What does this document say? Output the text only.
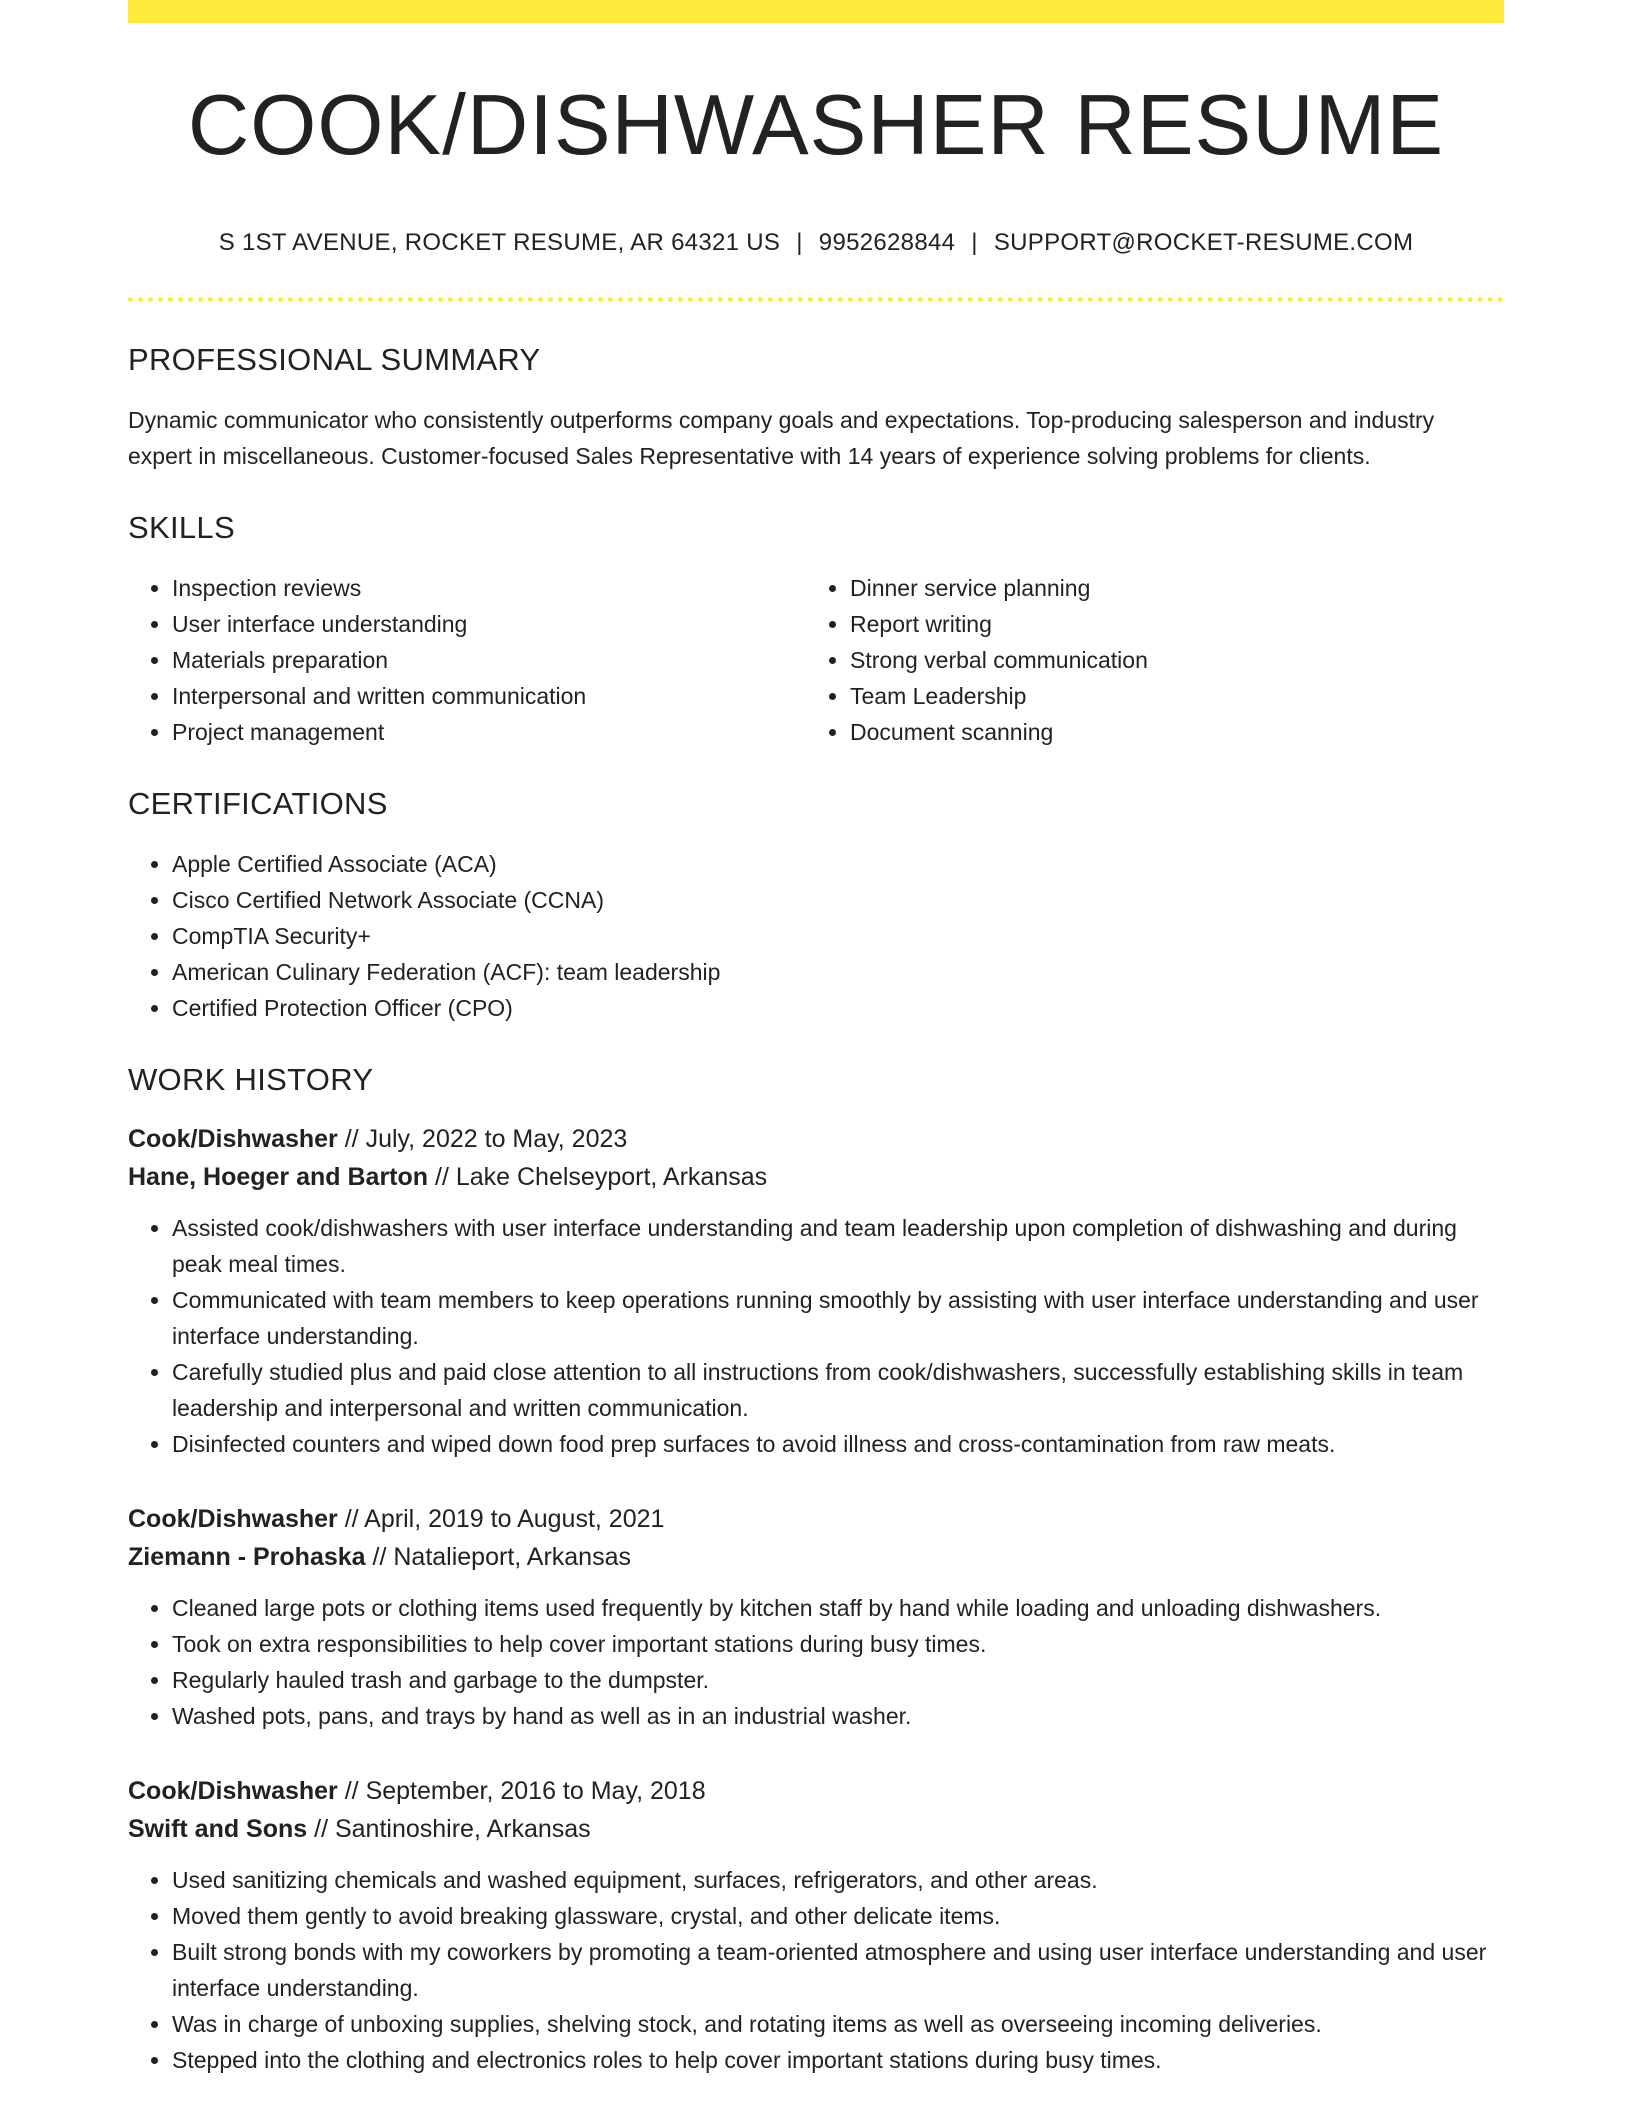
COOK/DISHWASHER RESUME
S 1ST AVENUE, ROCKET RESUME, AR 64321 US | 9952628844 | SUPPORT@ROCKET-RESUME.COM
PROFESSIONAL SUMMARY
Dynamic communicator who consistently outperforms company goals and expectations. Top-producing salesperson and industry expert in miscellaneous. Customer-focused Sales Representative with 14 years of experience solving problems for clients.
SKILLS
• Inspection reviews
• User interface understanding
• Materials preparation
• Interpersonal and written communication
• Project management
• Dinner service planning
• Report writing
• Strong verbal communication
• Team Leadership
• Document scanning
CERTIFICATIONS
• Apple Certified Associate (ACA)
• Cisco Certified Network Associate (CCNA)
• CompTIA Security+
• American Culinary Federation (ACF): team leadership
• Certified Protection Officer (CPO)
WORK HISTORY
Cook/Dishwasher // July, 2022 to May, 2023
Hane, Hoeger and Barton // Lake Chelseyport, Arkansas
• Assisted cook/dishwashers with user interface understanding and team leadership upon completion of dishwashing and during peak meal times.
• Communicated with team members to keep operations running smoothly by assisting with user interface understanding and user interface understanding.
• Carefully studied plus and paid close attention to all instructions from cook/dishwashers, successfully establishing skills in team leadership and interpersonal and written communication.
• Disinfected counters and wiped down food prep surfaces to avoid illness and cross-contamination from raw meats.
Cook/Dishwasher // April, 2019 to August, 2021
Ziemann - Prohaska // Natalieport, Arkansas
• Cleaned large pots or clothing items used frequently by kitchen staff by hand while loading and unloading dishwashers.
• Took on extra responsibilities to help cover important stations during busy times.
• Regularly hauled trash and garbage to the dumpster.
• Washed pots, pans, and trays by hand as well as in an industrial washer.
Cook/Dishwasher // September, 2016 to May, 2018
Swift and Sons // Santinoshire, Arkansas
• Used sanitizing chemicals and washed equipment, surfaces, refrigerators, and other areas.
• Moved them gently to avoid breaking glassware, crystal, and other delicate items.
• Built strong bonds with my coworkers by promoting a team-oriented atmosphere and using user interface understanding and user interface understanding.
• Was in charge of unboxing supplies, shelving stock, and rotating items as well as overseeing incoming deliveries.
• Stepped into the clothing and electronics roles to help cover important stations during busy times.
